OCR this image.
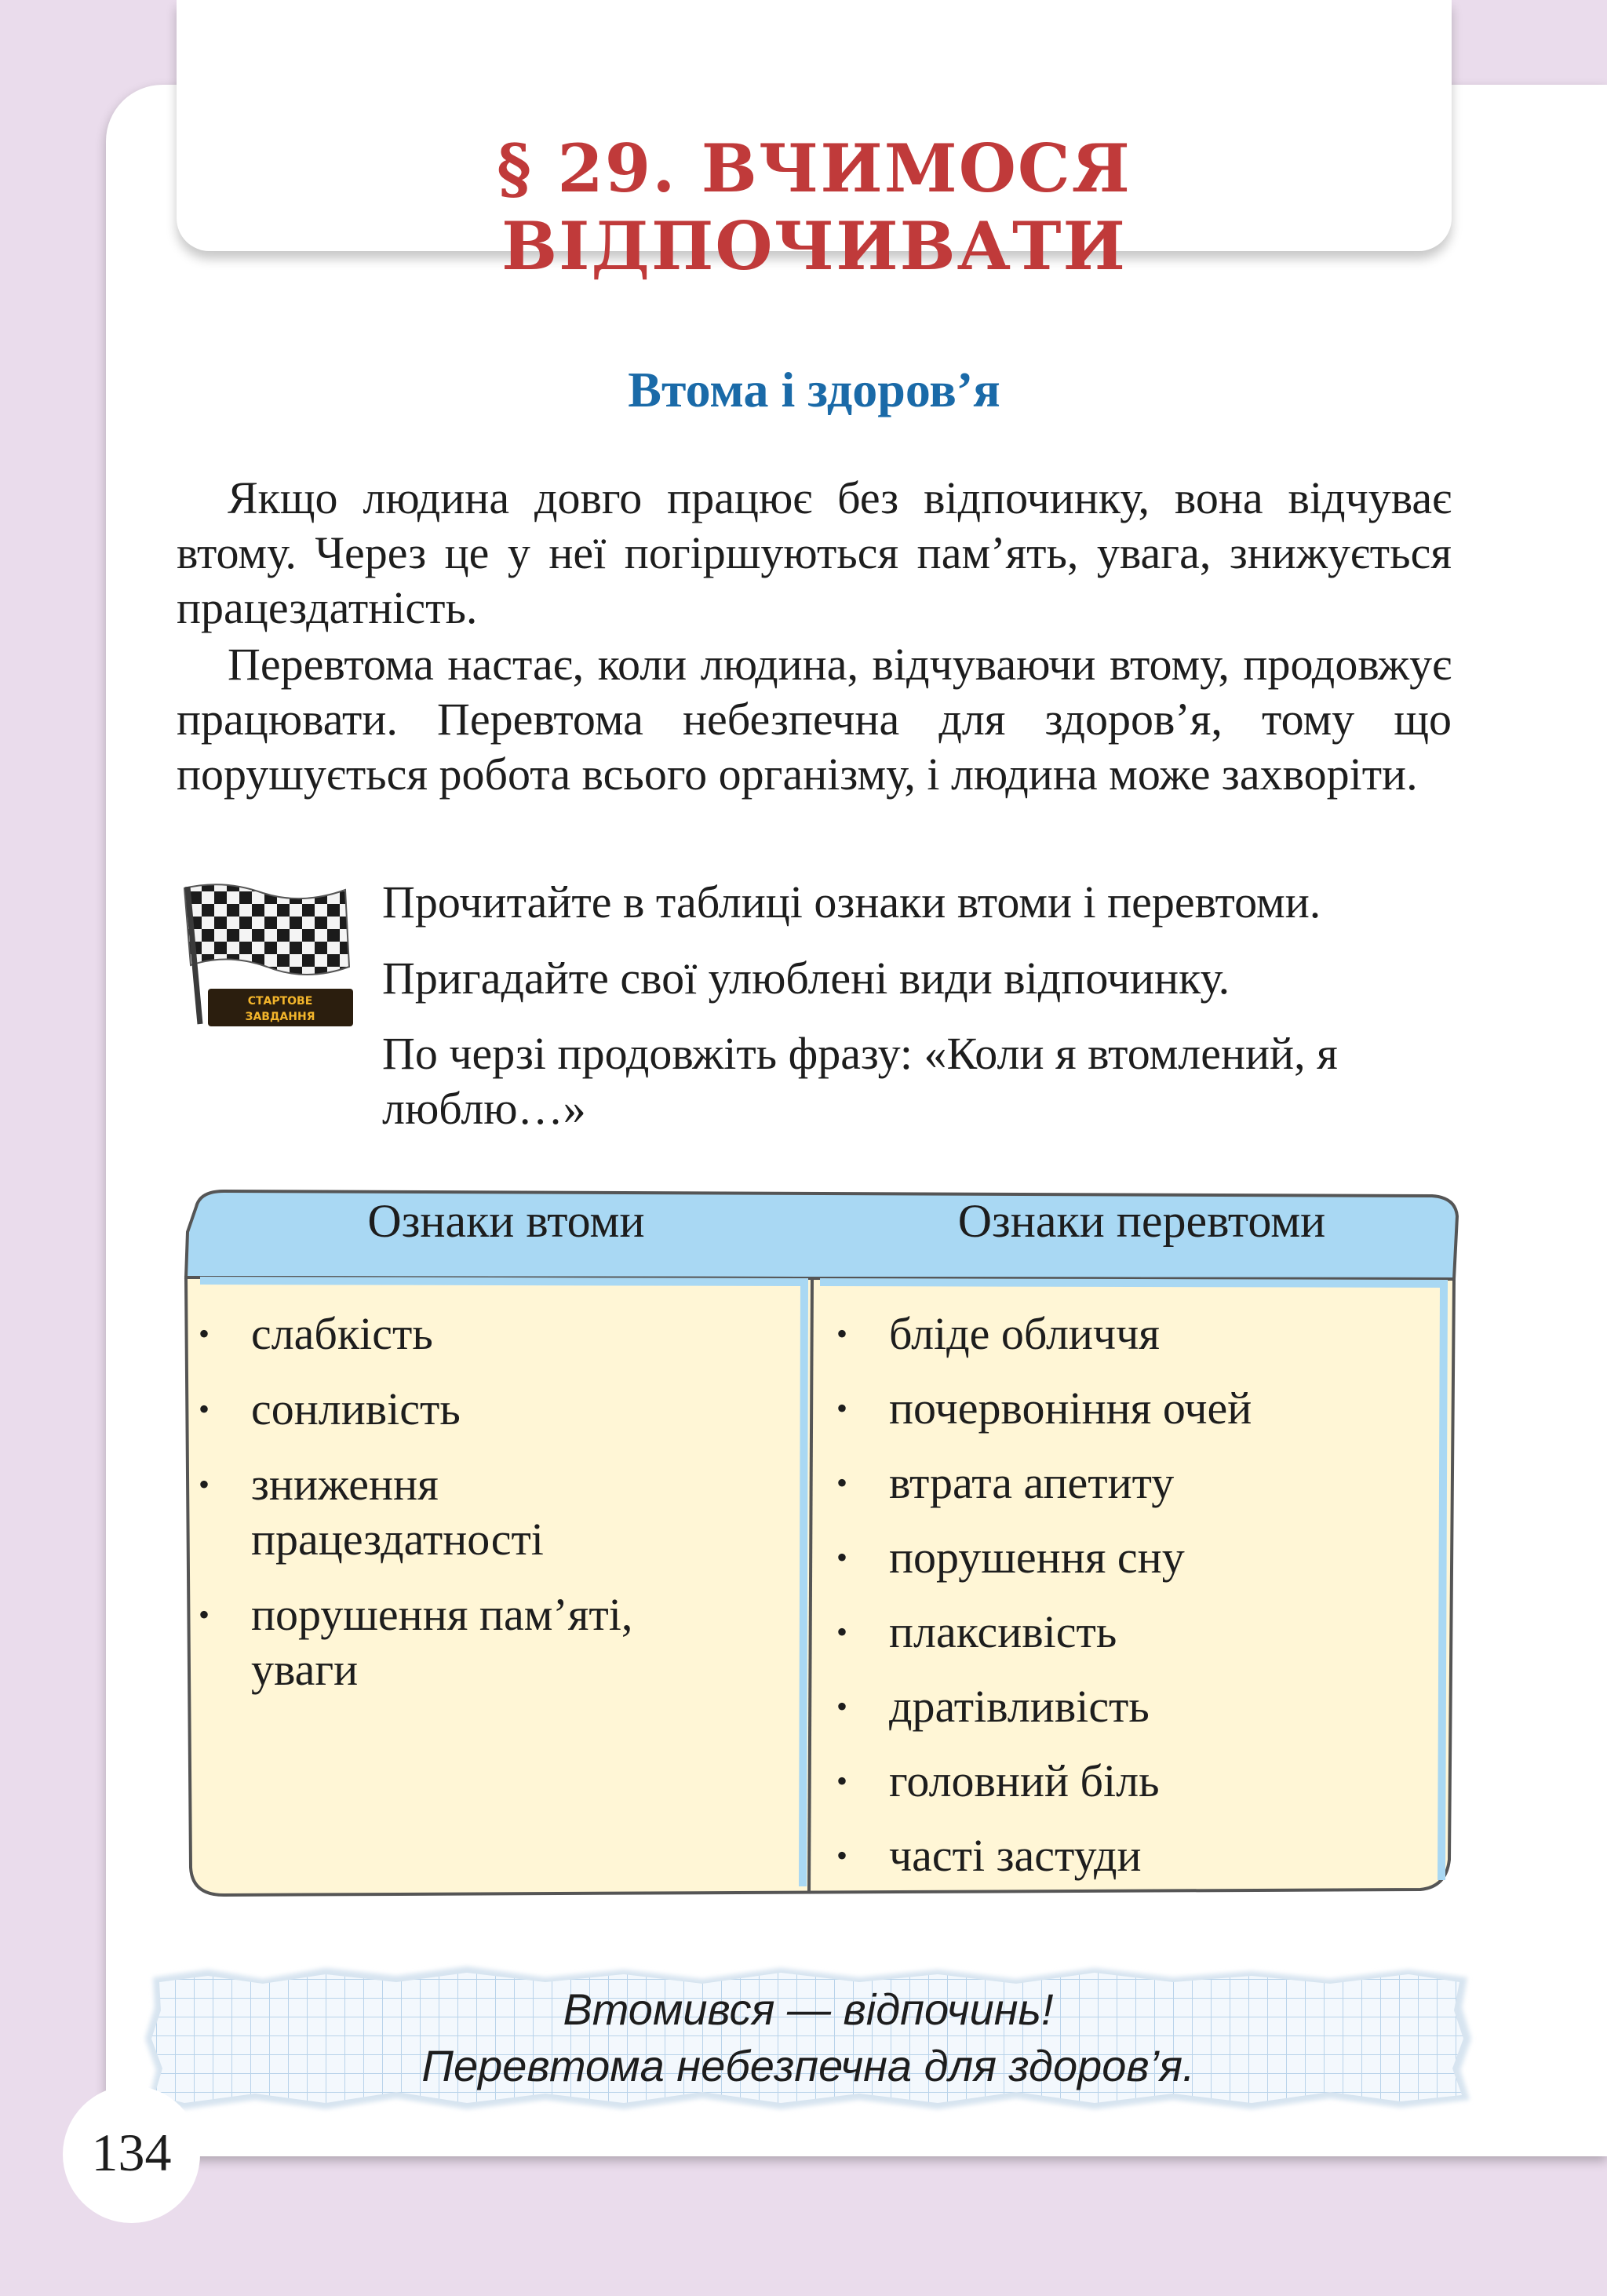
§ 29. ВЧИМОСЯ ВІДПОЧИВАТИ
Втома і здоров’я

Якщо людина довго працює без відпочинку, вона відчуває втому. Через це у неї погіршуються пам’ять, увага, знижується працездатність.

Перевтома настає, коли людина, відчуваючи втому, продовжує працювати. Перевтома небезпечна для здоров’я, тому що порушується робота всього організму, і людина може захворіти.

СТАРТОВЕ
ЗАВДАННЯ

Прочитайте в таблиці ознаки втоми і перевтоми.

Пригадайте свої улюблені види відпочинку.

По черзі продовжіть фразу: «Коли я втомлений, я люблю…»

Ознаки втоми	Ознаки перевтоми
• слабкість
• сонливість
• зниження працездатності
• порушення пам’яті, уваги
• бліде обличчя
• почервоніння очей
• втрата апетиту
• порушення сну
• плаксивість
• дратівливість
• головний біль
• часті застуди
Втомився — відпочинь!
Перевтома небезпечна для здоров’я.
134
